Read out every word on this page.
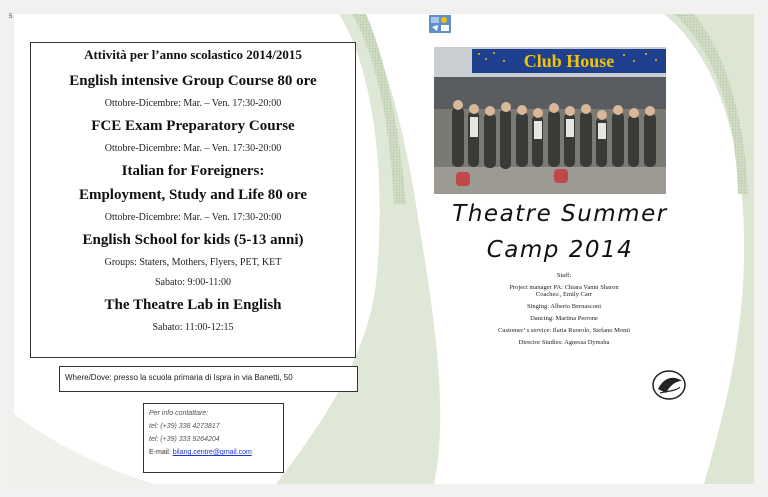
5
Attività per l’anno scolastico 2014/2015
English intensive Group Course 80 ore
Ottobre-Dicembre: Mar. – Ven. 17:30-20:00
FCE Exam Preparatory Course
Ottobre-Dicembre: Mar. – Ven. 17:30-20:00
Italian for Foreigners:
Employment, Study and Life 80 ore
Ottobre-Dicembre: Mar. – Ven. 17:30-20:00
English School for kids (5-13 anni)
Groups: Staters, Mothers, Flyers, PET, KET
Sabato: 9:00-11:00
The Theatre Lab in English
Sabato: 11:00-12:15
Where/Dove: presso la scuola primaria di Ispra in via Banetti, 50
Per info contattare:
tel: (+39) 338 4273817
tel: (+39) 333 9264204
E-mail: bilang.centre@gmail.com
Club House
Theatre Summer
Camp 2014
Staff:
Project manager PA: Chiara Vanni Sharon
Coaches:, Emily Carr
Singing: Alberto Bernasconi
Dancing: Martina Perrone
Customer’ s service: Ilaria Ruorolo, Stefano Monti
Director Studies: Agnessa Dymsha
